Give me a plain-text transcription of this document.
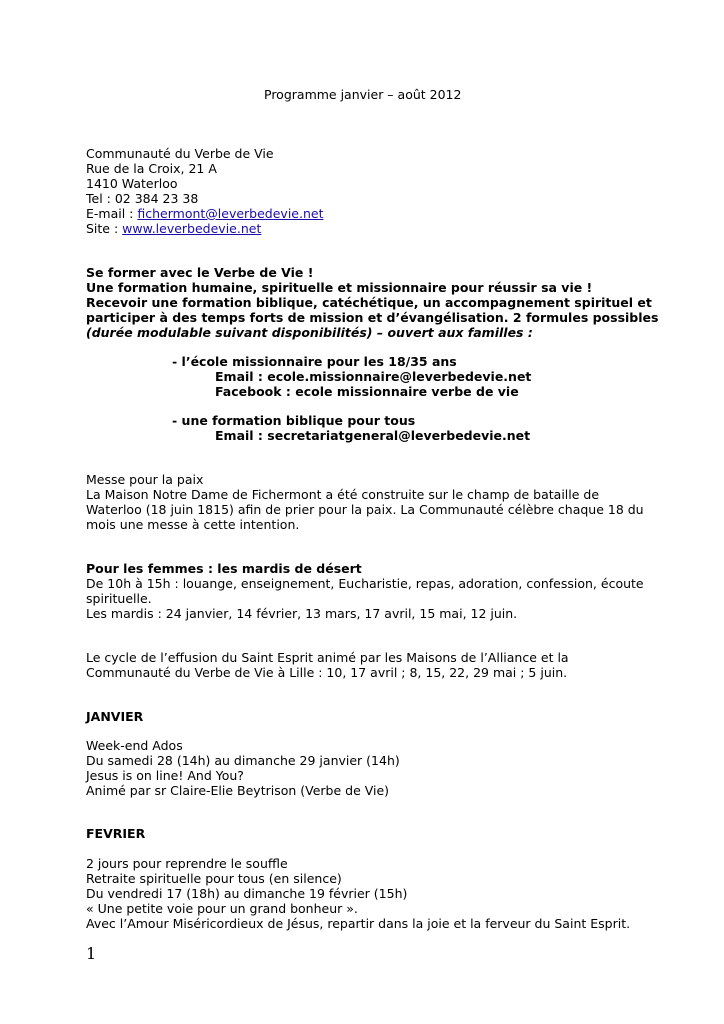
Programme janvier – août 2012
Communauté du Verbe de Vie
Rue de la Croix, 21 A
1410 Waterloo
Tel : 02 384 23 38
E-mail : fichermont@leverbedevie.net
Site : www.leverbedevie.net
Se former avec le Verbe de Vie !
Une formation humaine, spirituelle et missionnaire pour réussir sa vie !
Recevoir une formation biblique, catéchétique, un accompagnement spirituel et
participer à des temps forts de mission et d’évangélisation. 2 formules possibles
(durée modulable suivant disponibilités) – ouvert aux familles :
- l’école missionnaire pour les 18/35 ans
Email : ecole.missionnaire@leverbedevie.net
Facebook : ecole missionnaire verbe de vie
- une formation biblique pour tous
Email : secretariatgeneral@leverbedevie.net
Messe pour la paix
La Maison Notre Dame de Fichermont a été construite sur le champ de bataille de
Waterloo (18 juin 1815) afin de prier pour la paix. La Communauté célèbre chaque 18 du
mois une messe à cette intention.
Pour les femmes : les mardis de désert
De 10h à 15h : louange, enseignement, Eucharistie, repas, adoration, confession, écoute
spirituelle.
Les mardis : 24 janvier, 14 février, 13 mars, 17 avril, 15 mai, 12 juin.
Le cycle de l’effusion du Saint Esprit animé par les Maisons de l’Alliance et la
Communauté du Verbe de Vie à Lille : 10, 17 avril ; 8, 15, 22, 29 mai ; 5 juin.
JANVIER
Week-end Ados
Du samedi 28 (14h) au dimanche 29 janvier (14h)
Jesus is on line! And You?
Animé par sr Claire-Elie Beytrison (Verbe de Vie)
FEVRIER
2 jours pour reprendre le souffle
Retraite spirituelle pour tous (en silence)
Du vendredi 17 (18h) au dimanche 19 février (15h)
« Une petite voie pour un grand bonheur ».
Avec l’Amour Miséricordieux de Jésus, repartir dans la joie et la ferveur du Saint Esprit.
1
